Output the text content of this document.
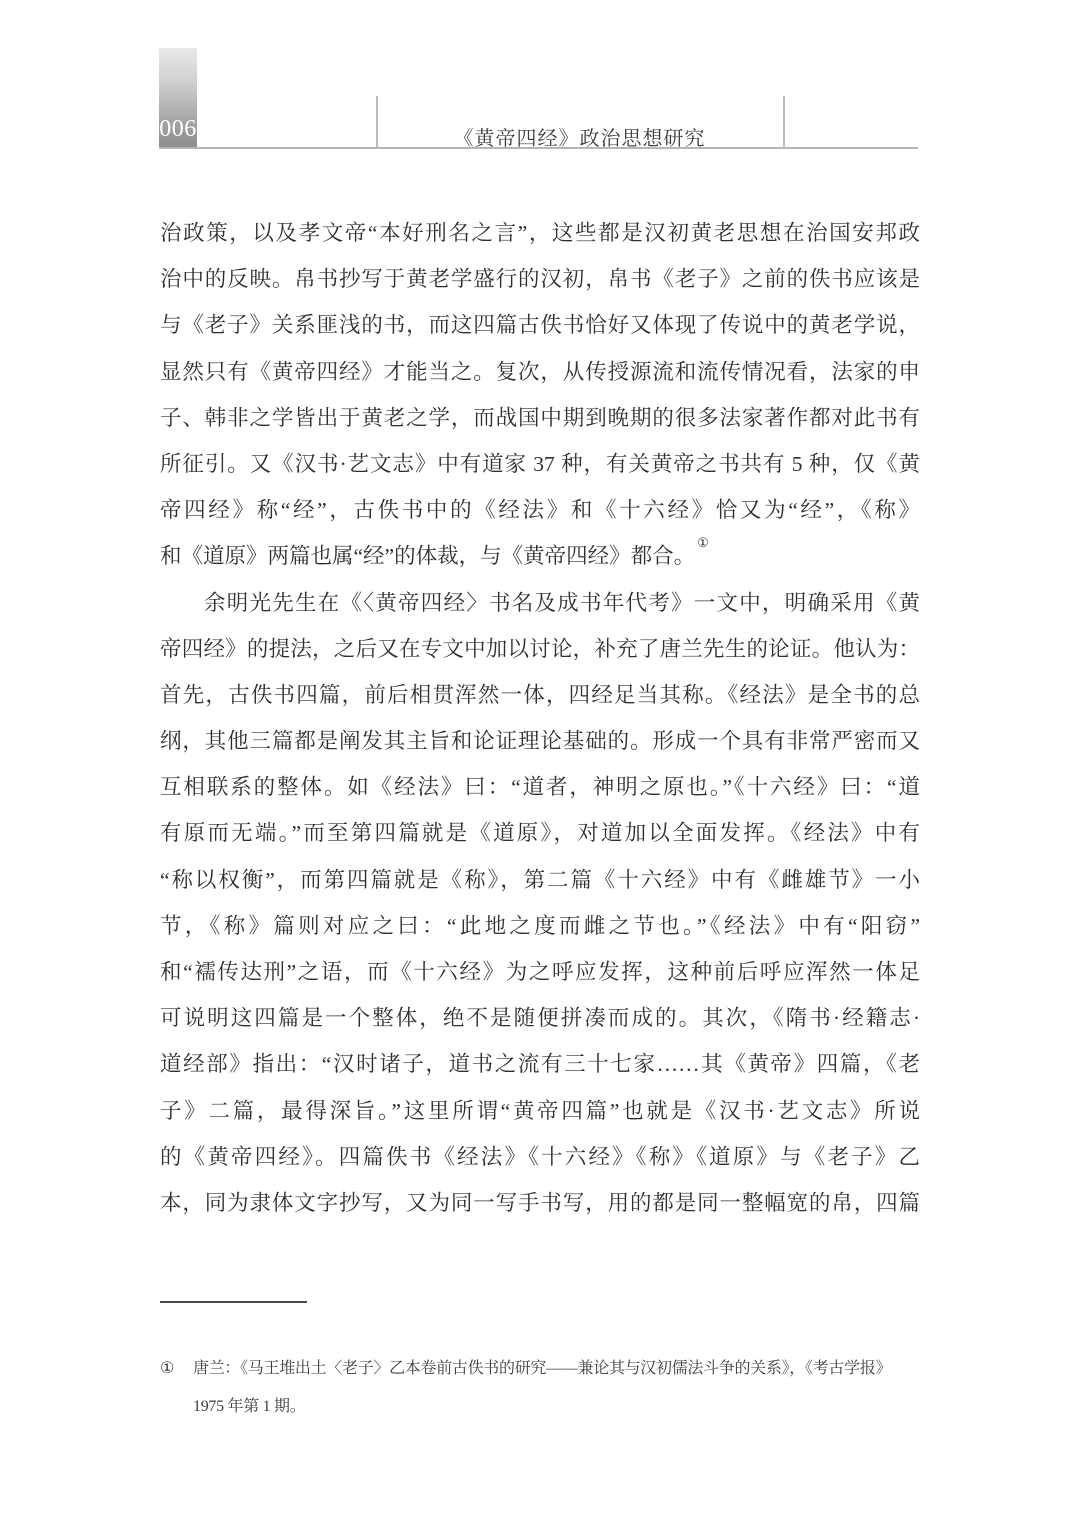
006	《黄帝四经》政治思想研究
治政策，以及孝文帝“本好刑名之言”，这些都是汉初黄老思想在治国安邦政
治中的反映。帛书抄写于黄老学盛行的汉初，帛书《老子》之前的佚书应该是
与《老子》关系匪浅的书，而这四篇古佚书恰好又体现了传说中的黄老学说，
显然只有《黄帝四经》才能当之。复次，从传授源流和流传情况看，法家的申
子、韩非之学皆出于黄老之学，而战国中期到晚期的很多法家著作都对此书有
所征引。又《汉书·艺文志》中有道家 37 种，有关黄帝之书共有 5 种，仅《黄
帝四经》称“经”，古佚书中的《经法》和《十六经》恰又为“经”，《称》
和《道原》两篇也属“经”的体裁，与《黄帝四经》都合。①
余明光先生在《〈黄帝四经〉书名及成书年代考》一文中，明确采用《黄
帝四经》的提法，之后又在专文中加以讨论，补充了唐兰先生的论证。他认为：
首先，古佚书四篇，前后相贯浑然一体，四经足当其称。《经法》是全书的总
纲，其他三篇都是阐发其主旨和论证理论基础的。形成一个具有非常严密而又
互相联系的整体。如《经法》曰：“道者，神明之原也。”《十六经》曰：“道
有原而无端。”而至第四篇就是《道原》，对道加以全面发挥。《经法》中有
“称以权衡”，而第四篇就是《称》，第二篇《十六经》中有《雌雄节》一小
节，《称》篇则对应之曰：“此地之度而雌之节也。”《经法》中有“阳窃”
和“襦传达刑”之语，而《十六经》为之呼应发挥，这种前后呼应浑然一体足
可说明这四篇是一个整体，绝不是随便拼凑而成的。其次，《隋书·经籍志·
道经部》指出：“汉时诸子，道书之流有三十七家……其《黄帝》四篇，《老
子》二篇，最得深旨。”这里所谓“黄帝四篇”也就是《汉书·艺文志》所说
的《黄帝四经》。四篇佚书《经法》《十六经》《称》《道原》与《老子》乙
本，同为隶体文字抄写，又为同一写手书写，用的都是同一整幅宽的帛，四篇
① 唐兰：《马王堆出土〈老子〉乙本卷前古佚书的研究——兼论其与汉初儒法斗争的关系》，《考古学报》
1975 年第 1 期。
